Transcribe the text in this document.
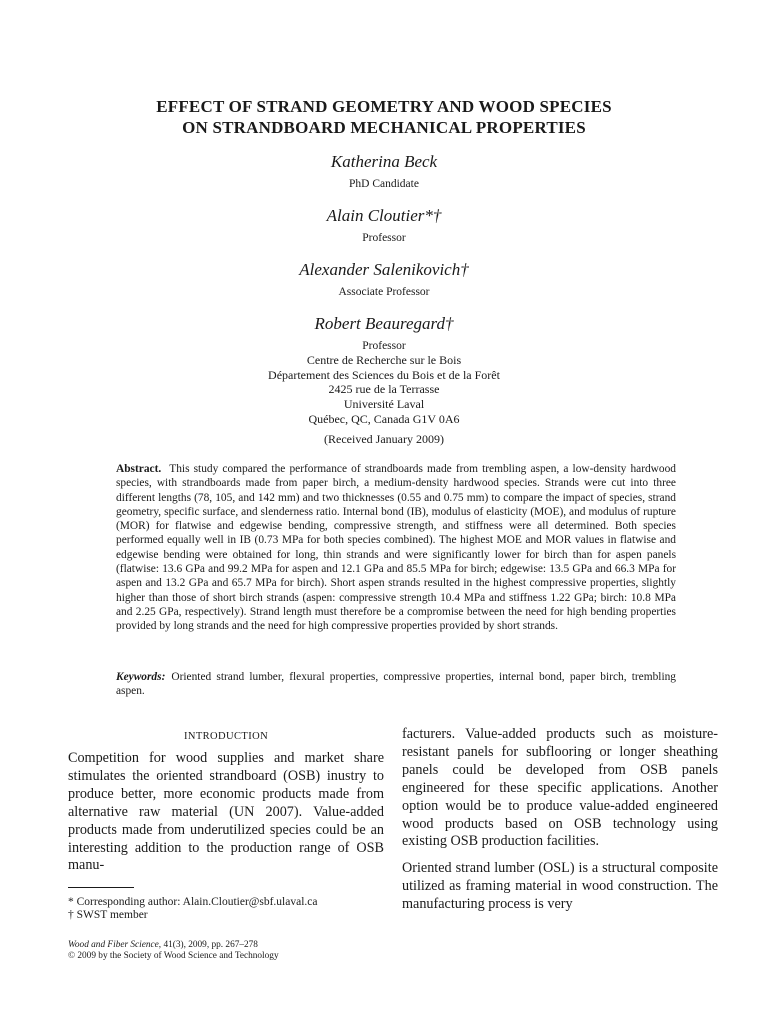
EFFECT OF STRAND GEOMETRY AND WOOD SPECIES
ON STRANDBOARD MECHANICAL PROPERTIES
Katherina Beck
PhD Candidate
Alain Cloutier*†
Professor
Alexander Salenikovich†
Associate Professor
Robert Beauregard†
Professor
Centre de Recherche sur le Bois
Département des Sciences du Bois et de la Forêt
2425 rue de la Terrasse
Université Laval
Québec, QC, Canada G1V 0A6
(Received January 2009)
Abstract. This study compared the performance of strandboards made from trembling aspen, a low-density hardwood species, with strandboards made from paper birch, a medium-density hardwood species. Strands were cut into three different lengths (78, 105, and 142 mm) and two thicknesses (0.55 and 0.75 mm) to compare the impact of species, strand geometry, specific surface, and slenderness ratio. Internal bond (IB), modulus of elasticity (MOE), and modulus of rupture (MOR) for flatwise and edgewise bending, compressive strength, and stiffness were all determined. Both species performed equally well in IB (0.73 MPa for both species combined). The highest MOE and MOR values in flatwise and edgewise bending were obtained for long, thin strands and were significantly lower for birch than for aspen panels (flatwise: 13.6 GPa and 99.2 MPa for aspen and 12.1 GPa and 85.5 MPa for birch; edgewise: 13.5 GPa and 66.3 MPa for aspen and 13.2 GPa and 65.7 MPa for birch). Short aspen strands resulted in the highest compressive properties, slightly higher than those of short birch strands (aspen: compressive strength 10.4 MPa and stiffness 1.22 GPa; birch: 10.8 MPa and 2.25 GPa, respectively). Strand length must therefore be a compromise between the need for high bending properties provided by long strands and the need for high compressive properties provided by short strands.
Keywords: Oriented strand lumber, flexural properties, compressive properties, internal bond, paper birch, trembling aspen.
INTRODUCTION

Competition for wood supplies and market share stimulates the oriented strandboard (OSB) inustry to produce better, more economic products made from alternative raw material (UN 2007). Value-added products made from underutilized species could be an interesting addition to the production range of OSB manu-

facturers. Value-added products such as moisture-resistant panels for subflooring or longer sheathing panels could be developed from OSB panels engineered for these specific applications. Another option would be to produce value-added engineered wood products based on OSB technology using existing OSB production facilities.

Oriented strand lumber (OSL) is a structural composite utilized as framing material in wood construction. The manufacturing process is very

* Corresponding author: Alain.Cloutier@sbf.ulaval.ca
† SWST member
Wood and Fiber Science, 41(3), 2009, pp. 267–278
© 2009 by the Society of Wood Science and Technology
